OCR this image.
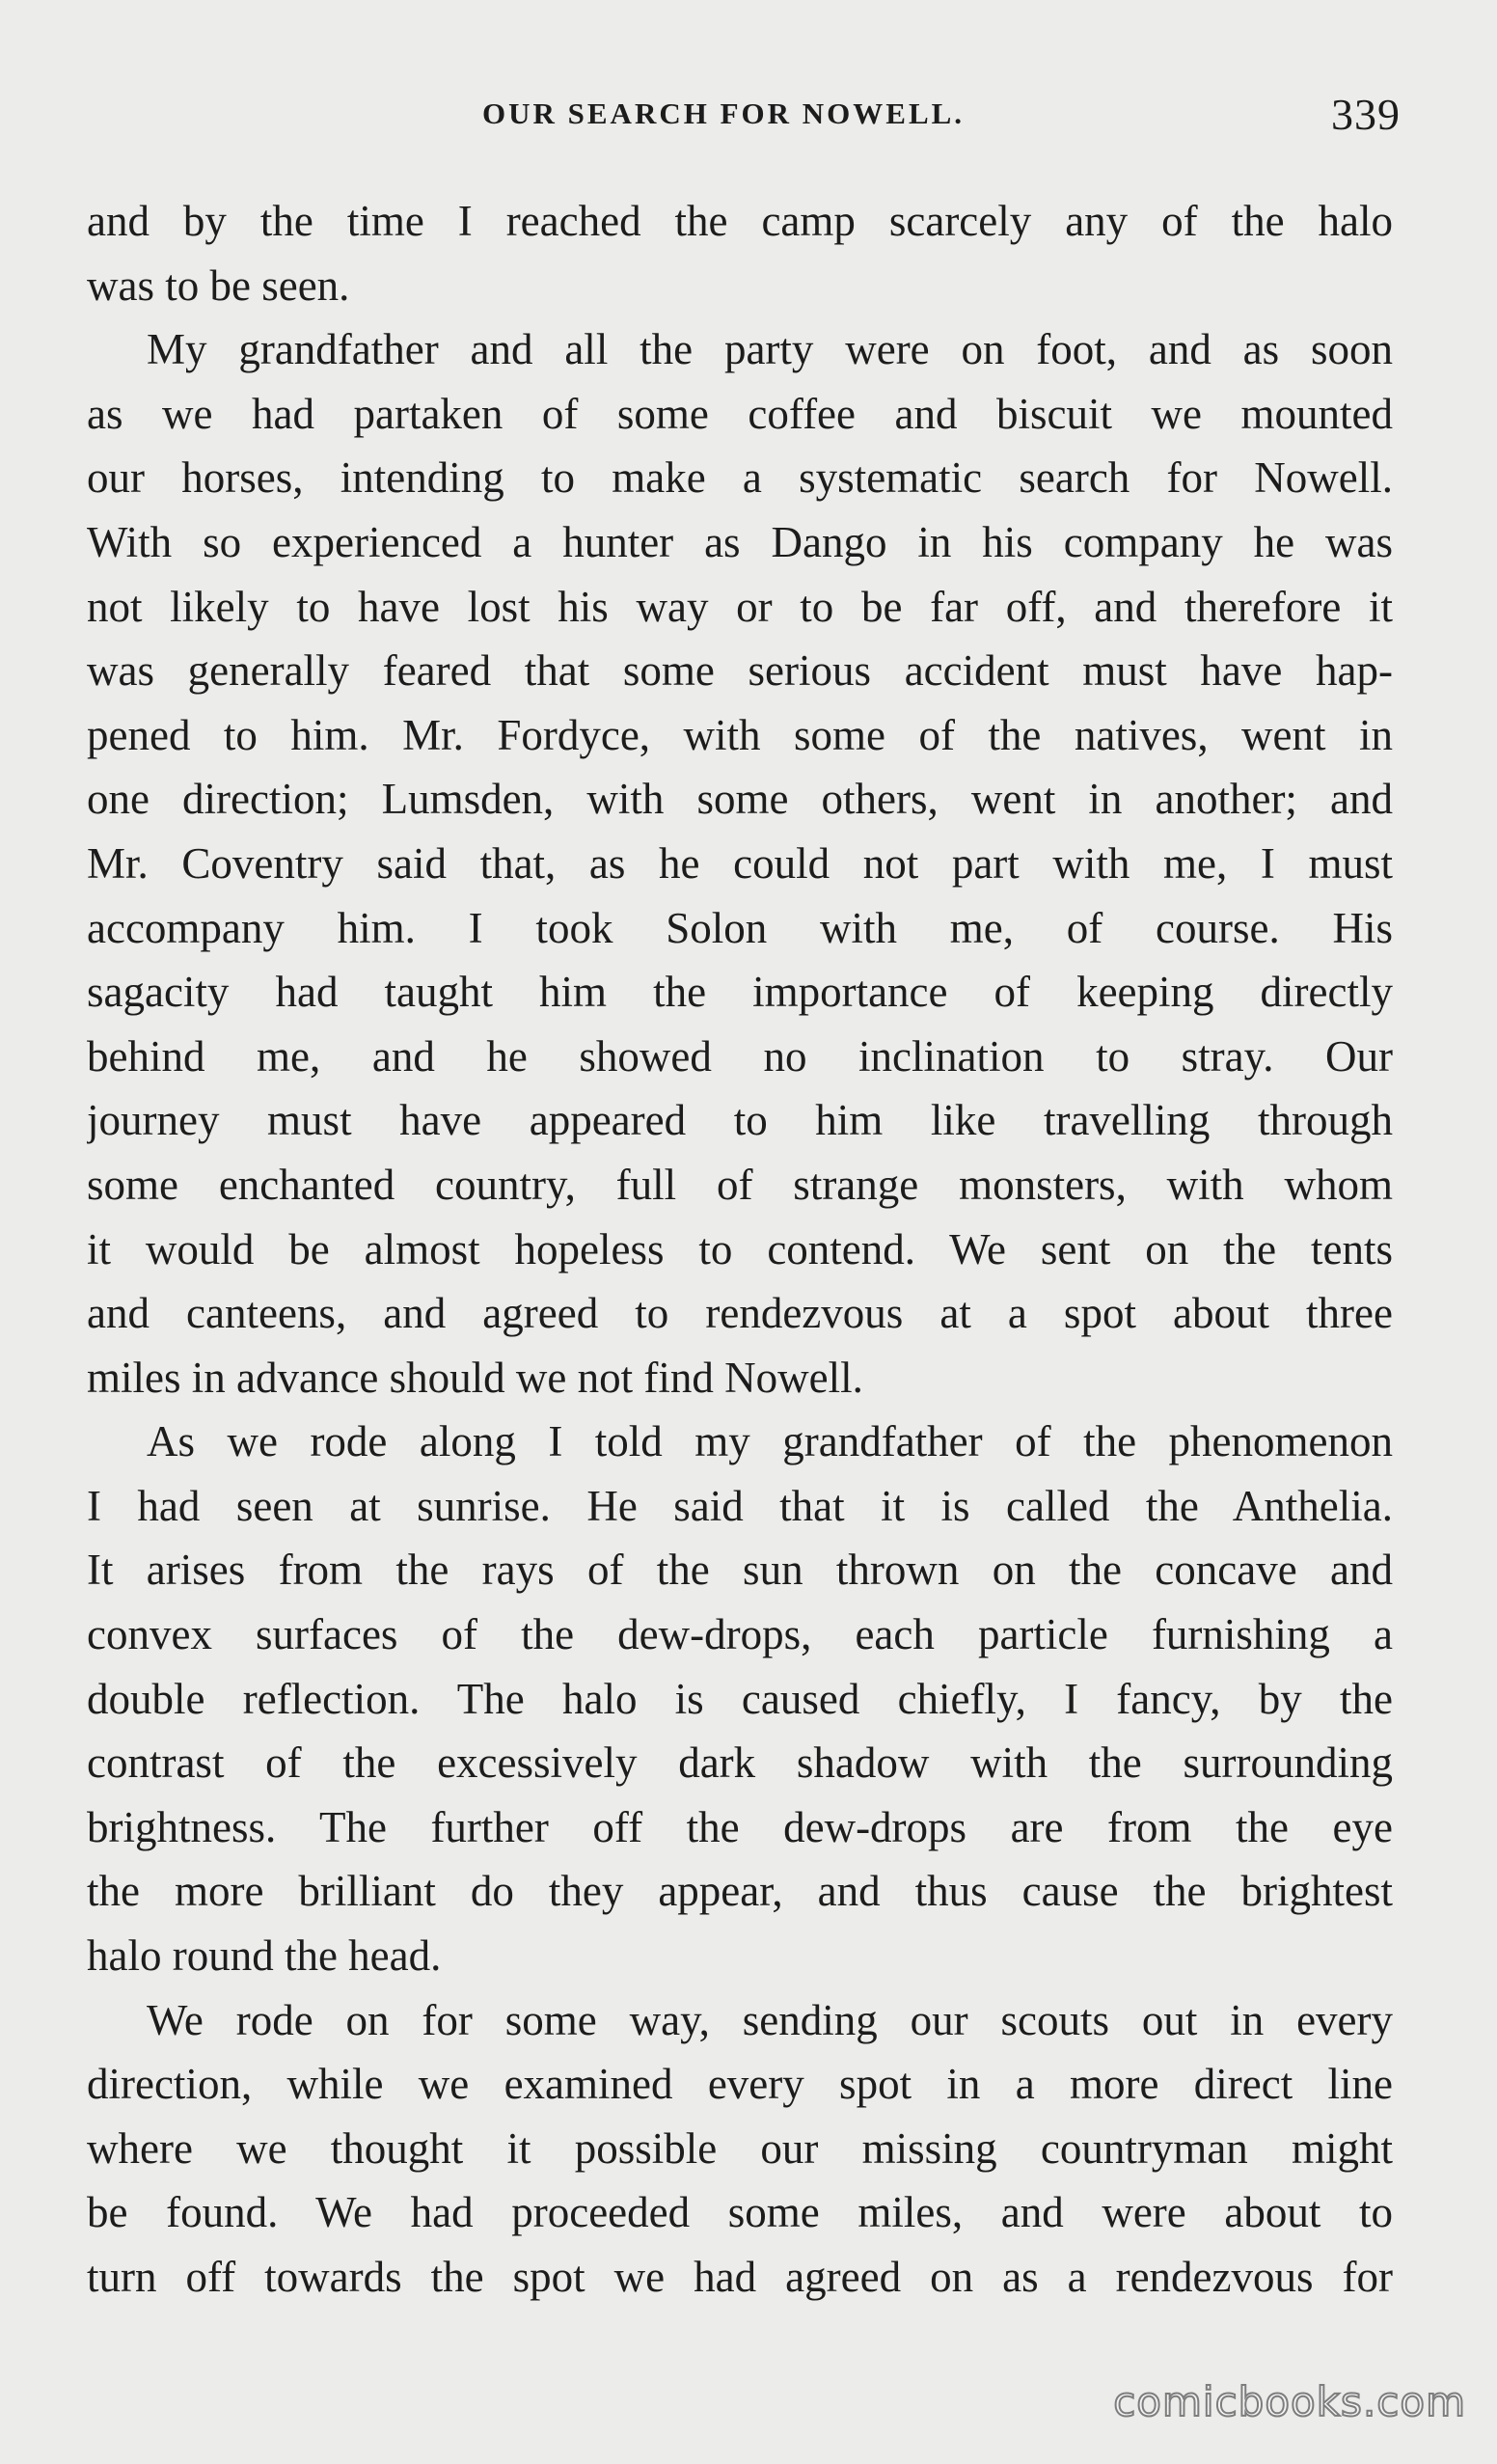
OUR SEARCH FOR NOWELL.	339
and by the time I reached the camp scarcely any of the halo
was to be seen.
My grandfather and all the party were on foot, and as soon
as we had partaken of some coffee and biscuit we mounted
our horses, intending to make a systematic search for Nowell.
With so experienced a hunter as Dango in his company he was
not likely to have lost his way or to be far off, and therefore it
was generally feared that some serious accident must have hap-
pened to him. Mr. Fordyce, with some of the natives, went in
one direction; Lumsden, with some others, went in another; and
Mr. Coventry said that, as he could not part with me, I must
accompany him. I took Solon with me, of course. His
sagacity had taught him the importance of keeping directly
behind me, and he showed no inclination to stray. Our
journey must have appeared to him like travelling through
some enchanted country, full of strange monsters, with whom
it would be almost hopeless to contend. We sent on the tents
and canteens, and agreed to rendezvous at a spot about three
miles in advance should we not find Nowell.
As we rode along I told my grandfather of the phenomenon
I had seen at sunrise. He said that it is called the Anthelia.
It arises from the rays of the sun thrown on the concave and
convex surfaces of the dew-drops, each particle furnishing a
double reflection. The halo is caused chiefly, I fancy, by the
contrast of the excessively dark shadow with the surrounding
brightness. The further off the dew-drops are from the eye
the more brilliant do they appear, and thus cause the brightest
halo round the head.
We rode on for some way, sending our scouts out in every
direction, while we examined every spot in a more direct line
where we thought it possible our missing countryman might
be found. We had proceeded some miles, and were about to
turn off towards the spot we had agreed on as a rendezvous for
comicbooks.com
